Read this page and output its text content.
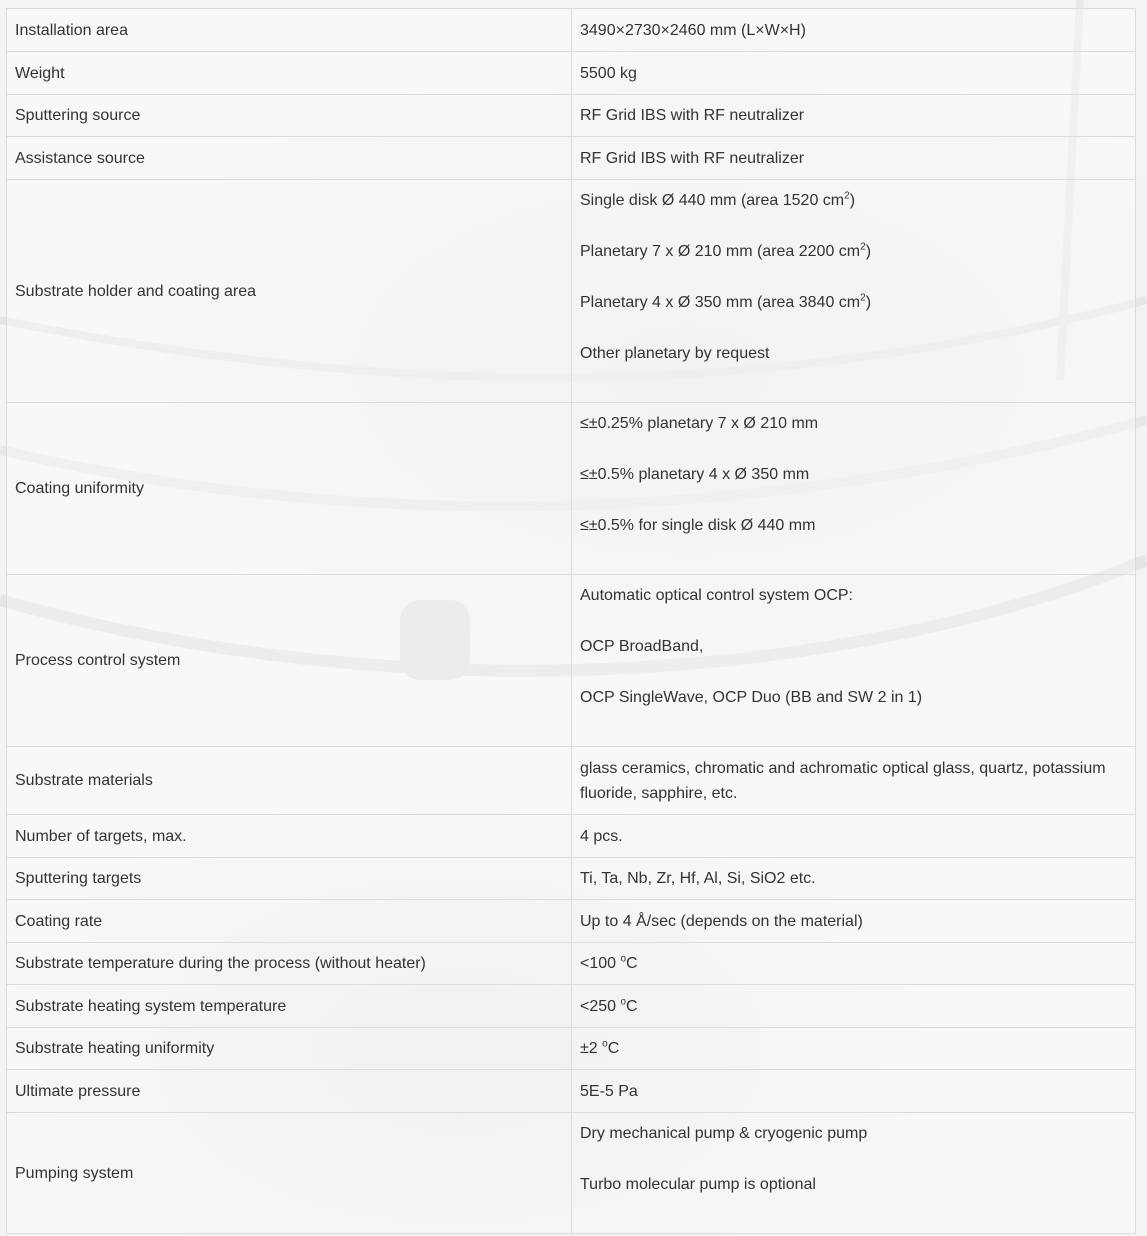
Installation area	3490×2730×2460 mm (L×W×H)
Weight	5500 kg
Sputtering source	RF Grid IBS with RF neutralizer
Assistance source	RF Grid IBS with RF neutralizer
Substrate holder and coating area	Single disk Ø 440 mm (area 1520 $cm^2$)
Planetary 7 x Ø 210 mm (area 2200 $cm^2$)
Planetary 4 x Ø 350 mm (area 3840 $cm^2$)
Other planetary by request

Coating uniformity	≤±0.25% planetary 7 x Ø 210 mm
≤±0.5% planetary 4 x Ø 350 mm
≤±0.5% for single disk Ø 440 mm

Process control system	Automatic optical control system OCP:
OCP BroadBand,
OCP SingleWave, OCP Duo (BB and SW 2 in 1)

Substrate materials	glass ceramics, chromatic and achromatic optical glass, quartz, potassium fluoride, sapphire, etc.
Number of targets, max.	4 pcs.
Sputtering targets	Ti, Ta, Nb, Zr, Hf, Al, Si, SiO2 etc.
Coating rate	Up to 4 Å/sec (depends on the material)
Substrate temperature during the process (without heater)	<100 $^o$C
Substrate heating system temperature	<250 $^o$C
Substrate heating uniformity	±2 $^o$C
Ultimate pressure	5E-5 Pa
Pumping system	Dry mechanical pump & cryogenic pump
Turbo molecular pump is optional
